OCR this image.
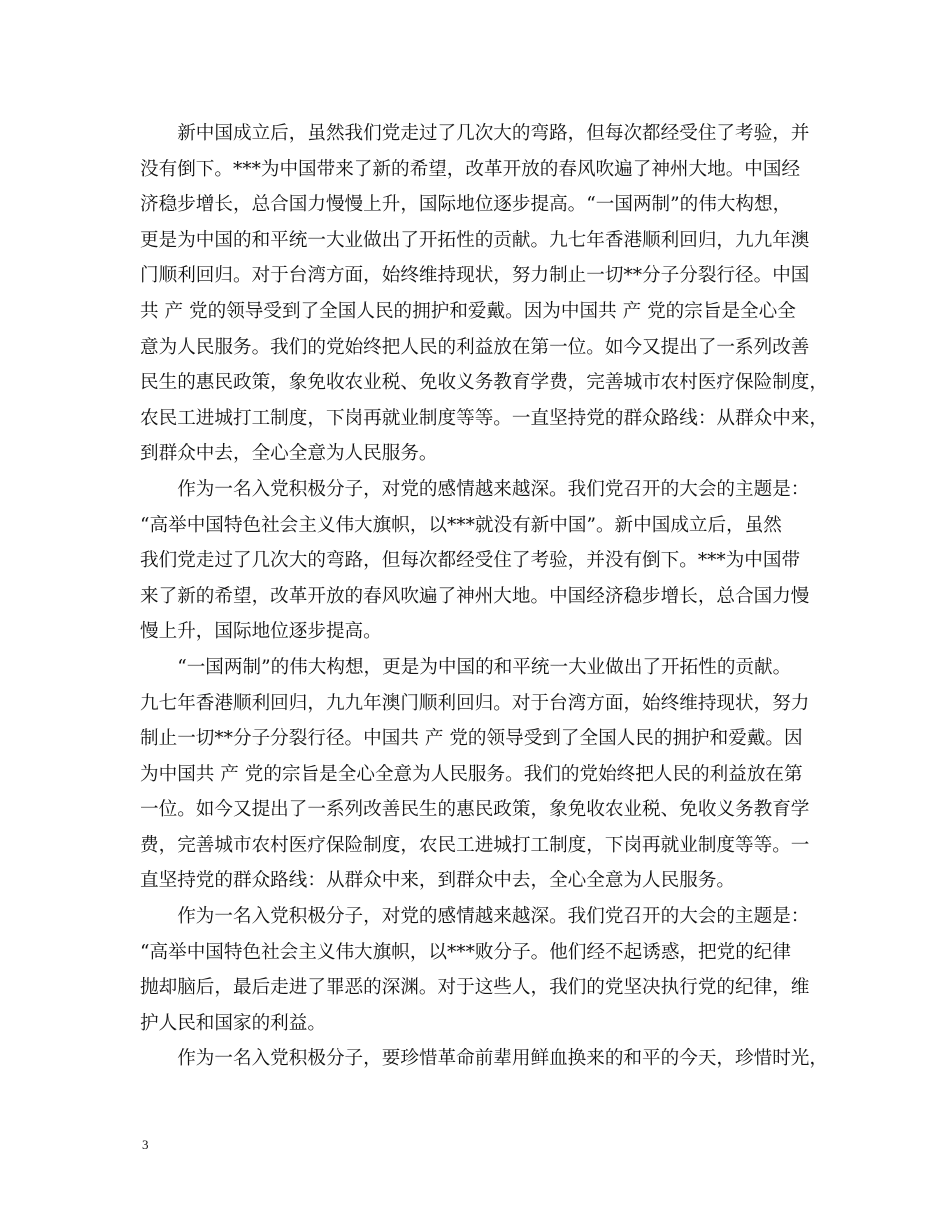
　　新中国成立后，虽然我们党走过了几次大的弯路，但每次都经受住了考验，并
没有倒下。***为中国带来了新的希望，改革开放的春风吹遍了神州大地。中国经
济稳步增长，总合国力慢慢上升，国际地位逐步提高。“一国两制”的伟大构想，
更是为中国的和平统一大业做出了开拓性的贡献。九七年香港顺利回归，九九年澳
门顺利回归。对于台湾方面，始终维持现状，努力制止一切**分子分裂行径。中国
共 产 党的领导受到了全国人民的拥护和爱戴。因为中国共 产 党的宗旨是全心全
意为人民服务。我们的党始终把人民的利益放在第一位。如今又提出了一系列改善
民生的惠民政策，象免收农业税、免收义务教育学费，完善城市农村医疗保险制度，
农民工进城打工制度，下岗再就业制度等等。一直坚持党的群众路线：从群众中来，
到群众中去，全心全意为人民服务。
　　作为一名入党积极分子，对党的感情越来越深。我们党召开的大会的主题是：
“高举中国特色社会主义伟大旗帜，以***就没有新中国”。新中国成立后，虽然
我们党走过了几次大的弯路，但每次都经受住了考验，并没有倒下。***为中国带
来了新的希望，改革开放的春风吹遍了神州大地。中国经济稳步增长，总合国力慢
慢上升，国际地位逐步提高。
　　“一国两制”的伟大构想，更是为中国的和平统一大业做出了开拓性的贡献。
九七年香港顺利回归，九九年澳门顺利回归。对于台湾方面，始终维持现状，努力
制止一切**分子分裂行径。中国共 产 党的领导受到了全国人民的拥护和爱戴。因
为中国共 产 党的宗旨是全心全意为人民服务。我们的党始终把人民的利益放在第
一位。如今又提出了一系列改善民生的惠民政策，象免收农业税、免收义务教育学
费，完善城市农村医疗保险制度，农民工进城打工制度，下岗再就业制度等等。一
直坚持党的群众路线：从群众中来，到群众中去，全心全意为人民服务。
　　作为一名入党积极分子，对党的感情越来越深。我们党召开的大会的主题是：
“高举中国特色社会主义伟大旗帜，以***败分子。他们经不起诱惑，把党的纪律
抛却脑后，最后走进了罪恶的深渊。对于这些人，我们的党坚决执行党的纪律，维
护人民和国家的利益。
　　作为一名入党积极分子，要珍惜革命前辈用鲜血换来的和平的今天，珍惜时光，
3
